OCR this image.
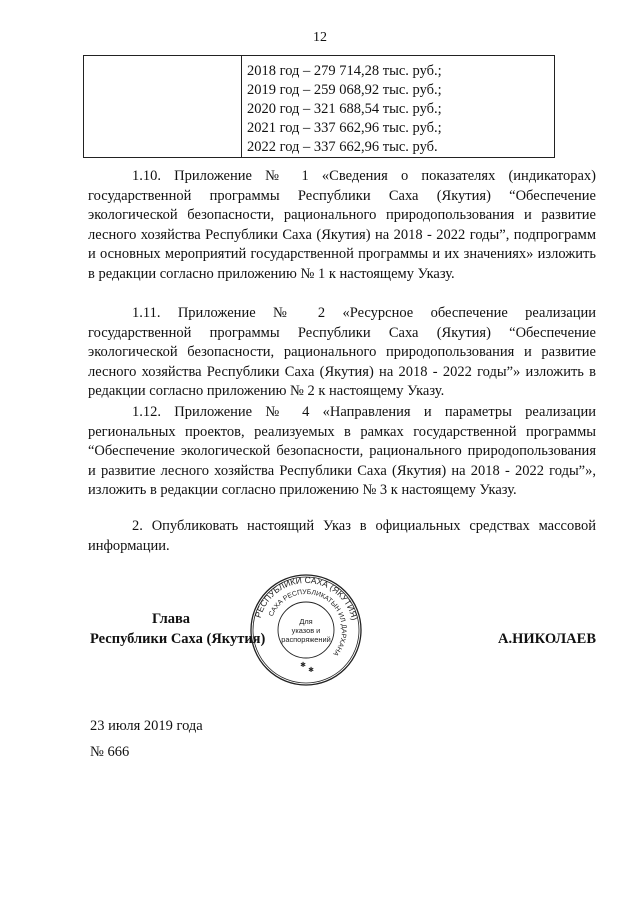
12

2018 год – 279 714,28 тыс. руб.;
2019 год – 259 068,92 тыс. руб.;
2020 год – 321 688,54 тыс. руб.;
2021 год – 337 662,96 тыс. руб.;
2022 год – 337 662,96 тыс. руб.

1.10. Приложение № 1 «Сведения о показателях (индикаторах) государственной программы Республики Саха (Якутия) “Обеспечение экологической безопасности, рационального природопользования и развитие лесного хозяйства Республики Саха (Якутия) на 2018 - 2022 годы”, подпрограмм и основных мероприятий государственной программы и их значениях» изложить в редакции согласно приложению № 1 к настоящему Указу.

1.11. Приложение № 2 «Ресурсное обеспечение реализации государственной программы Республики Саха (Якутия) “Обеспечение экологической безопасности, рационального природопользования и развитие лесного хозяйства Республики Саха (Якутия) на 2018 - 2022 годы”» изложить в редакции согласно приложению № 2 к настоящему Указу.

1.12. Приложение № 4 «Направления и параметры реализации региональных проектов, реализуемых в рамках государственной программы “Обеспечение экологической безопасности, рационального природопользования и развитие лесного хозяйства Республики Саха (Якутия) на 2018 - 2022 годы”», изложить в редакции согласно приложению № 3 к настоящему Указу.

2. Опубликовать настоящий Указ в официальных средствах массовой информации.

Глава
Республики Саха (Якутия)
РЕСПУБЛИКИ САХА (ЯКУТИЯ)
САХА РЕСПУБЛИКАТЫН ИЛ ДАРХАНА
Для
указов и
распоряжений
✱
✱
А.НИКОЛАЕВ
23 июля 2019 года
№ 666
